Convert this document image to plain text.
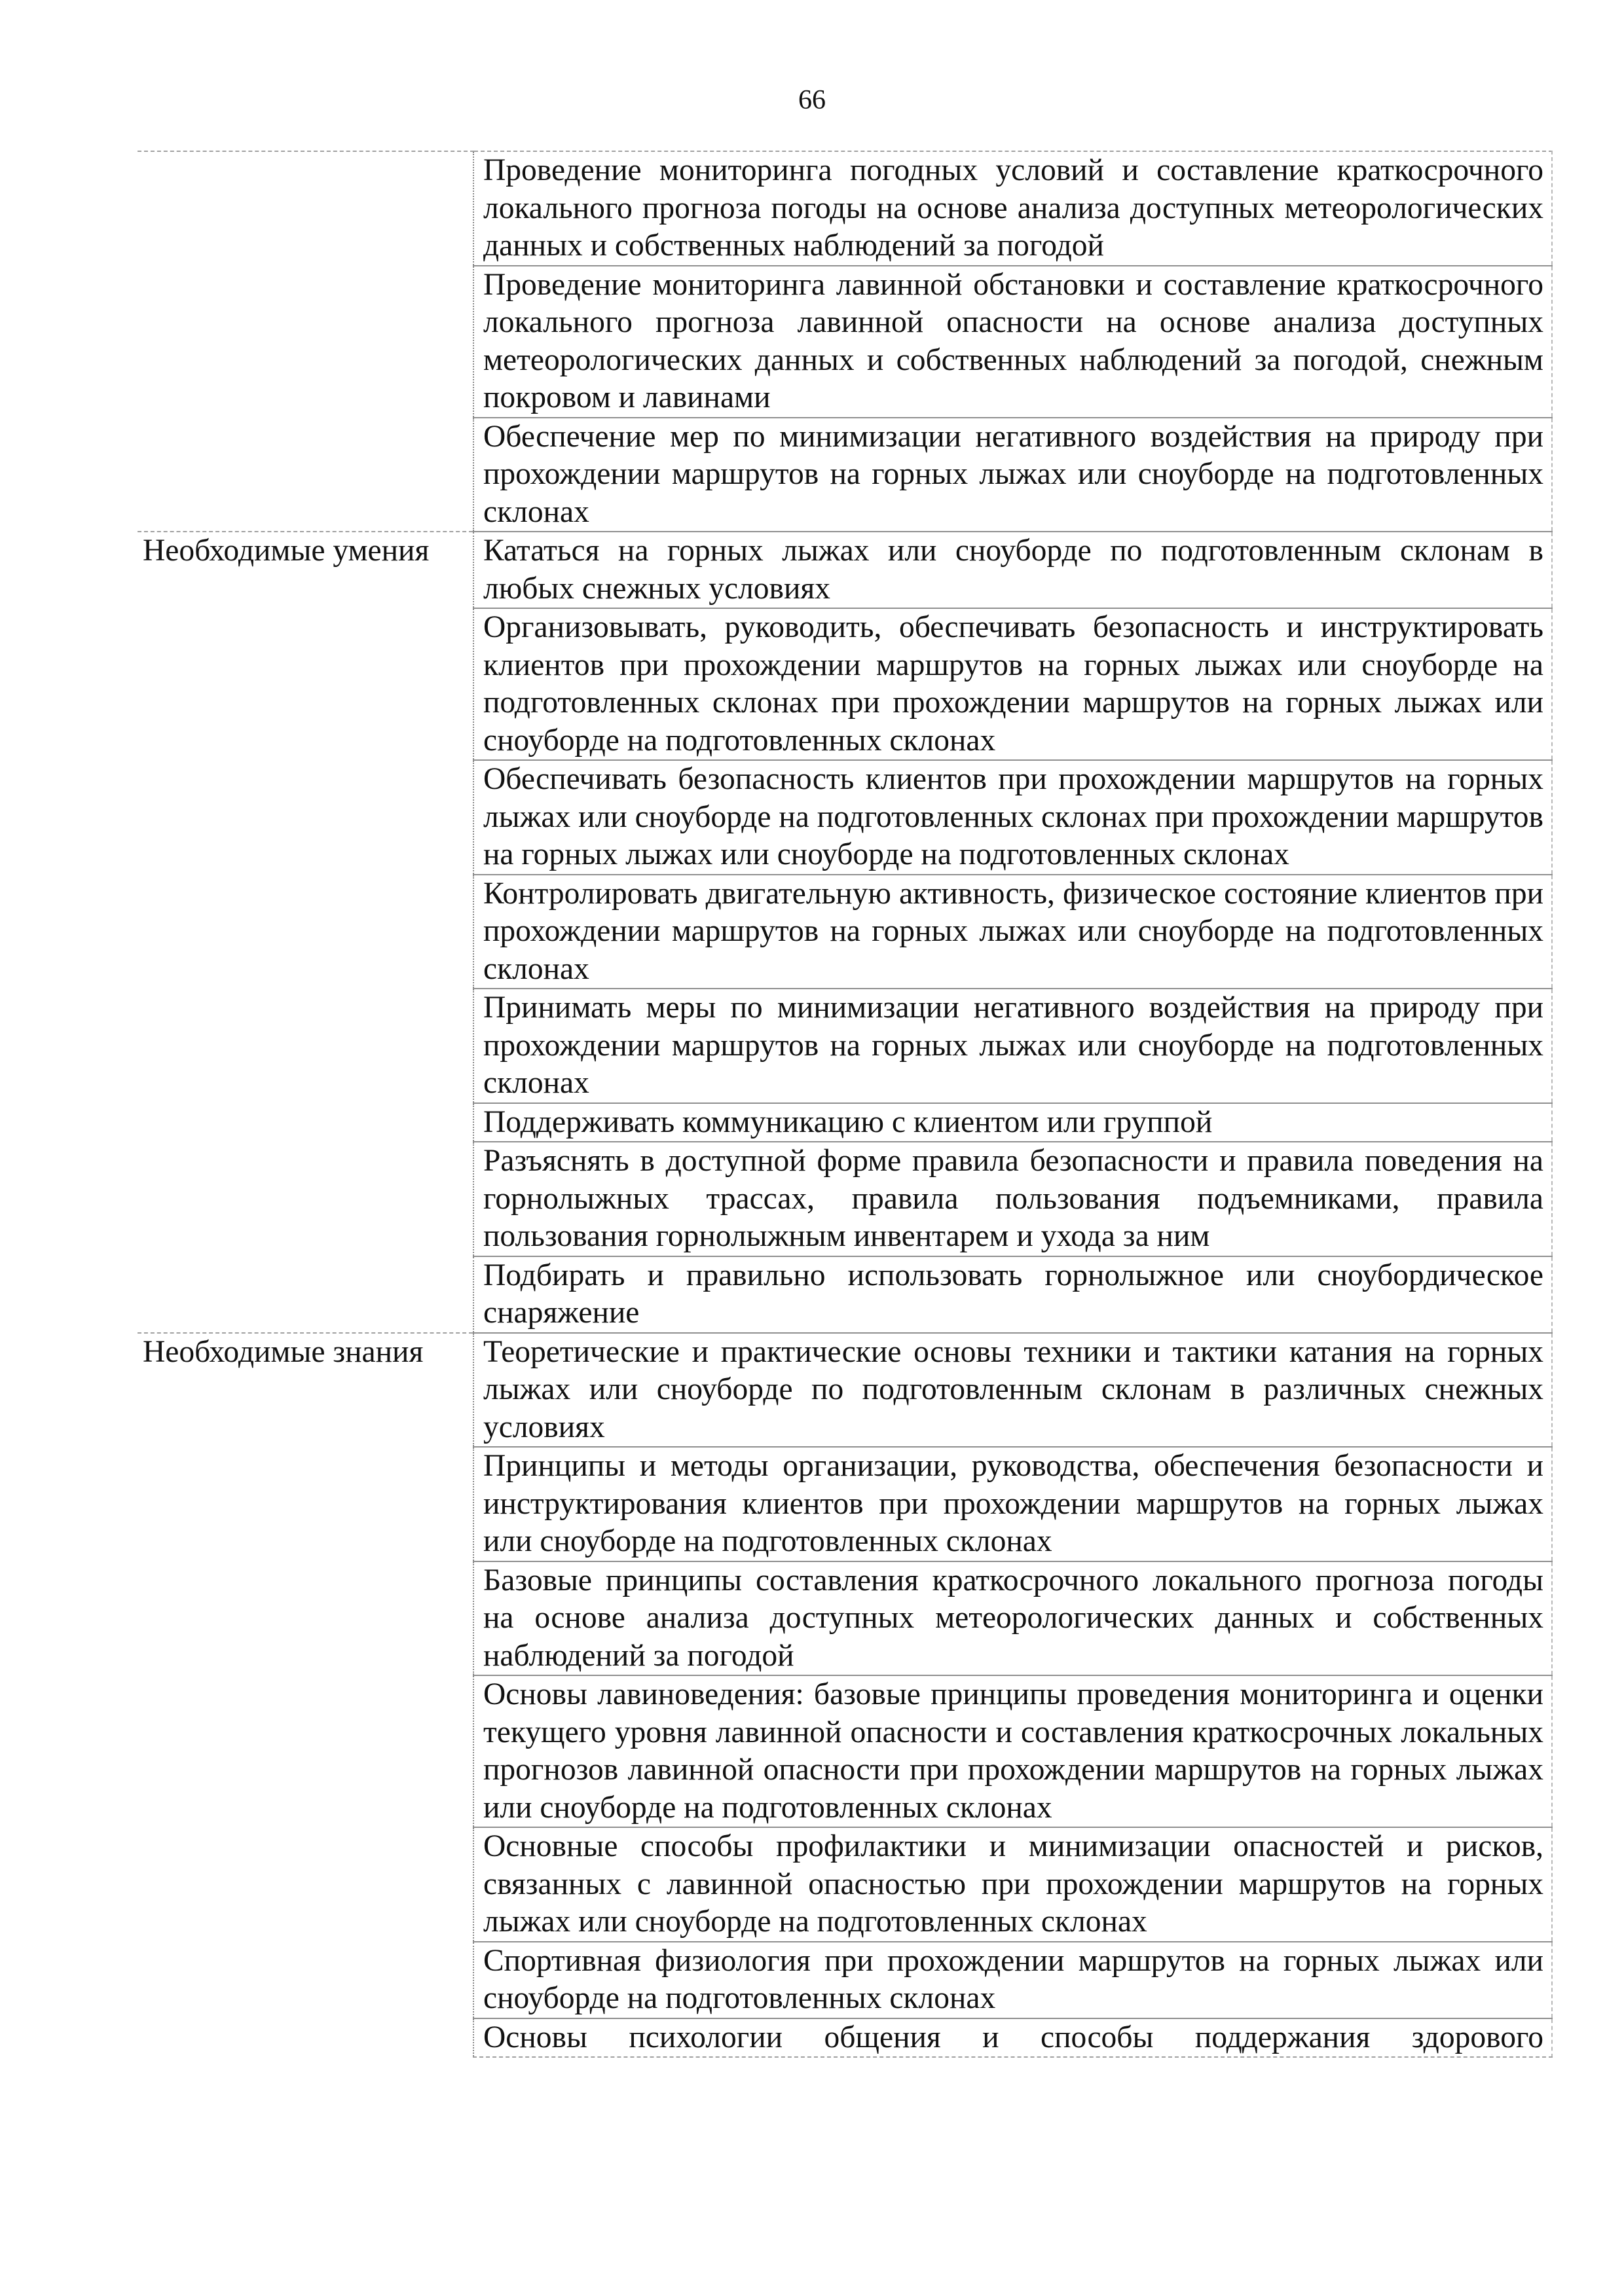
66
	Проведение мониторинга погодных условий и составление краткосрочного локального прогноза погоды на основе анализа доступных метеорологических данных и собственных наблюдений за погодой
	Проведение мониторинга лавинной обстановки и составление краткосрочного локального прогноза лавинной опасности на основе анализа доступных метеорологических данных и собственных наблюдений за погодой, снежным покровом и лавинами
	Обеспечение мер по минимизации негативного воздействия на природу при прохождении маршрутов на горных лыжах или сноуборде на подготовленных склонах
Необходимые умения	Кататься на горных лыжах или сноуборде по подготовленным склонам в любых снежных условиях
	Организовывать, руководить, обеспечивать безопасность и инструктировать клиентов при прохождении маршрутов на горных лыжах или сноуборде на подготовленных склонах при прохождении маршрутов на горных лыжах или сноуборде на подготовленных склонах
	Обеспечивать безопасность клиентов при прохождении маршрутов на горных лыжах или сноуборде на подготовленных склонах при прохождении маршрутов на горных лыжах или сноуборде на подготовленных склонах
	Контролировать двигательную активность, физическое состояние клиентов при прохождении маршрутов на горных лыжах или сноуборде на подготовленных склонах
	Принимать меры по минимизации негативного воздействия на природу при прохождении маршрутов на горных лыжах или сноуборде на подготовленных склонах
	Поддерживать коммуникацию с клиентом или группой
	Разъяснять в доступной форме правила безопасности и правила поведения на горнолыжных трассах, правила пользования подъемниками, правила пользования горнолыжным инвентарем и ухода за ним
	Подбирать и правильно использовать горнолыжное или сноубордическое снаряжение
Необходимые знания	Теоретические и практические основы техники и тактики катания на горных лыжах или сноуборде по подготовленным склонам в различных снежных условиях
	Принципы и методы организации, руководства, обеспечения безопасности и инструктирования клиентов при прохождении маршрутов на горных лыжах или сноуборде на подготовленных склонах
	Базовые принципы составления краткосрочного локального прогноза погоды на основе анализа доступных метеорологических данных и собственных наблюдений за погодой
	Основы лавиноведения: базовые принципы проведения мониторинга и оценки текущего уровня лавинной опасности и составления краткосрочных локальных прогнозов лавинной опасности при прохождении маршрутов на горных лыжах или сноуборде на подготовленных склонах
	Основные способы профилактики и минимизации опасностей и рисков, связанных с лавинной опасностью при прохождении маршрутов на горных лыжах или сноуборде на подготовленных склонах
	Спортивная физиология при прохождении маршрутов на горных лыжах или сноуборде на подготовленных склонах
	Основы психологии общения и способы поддержания здорового
